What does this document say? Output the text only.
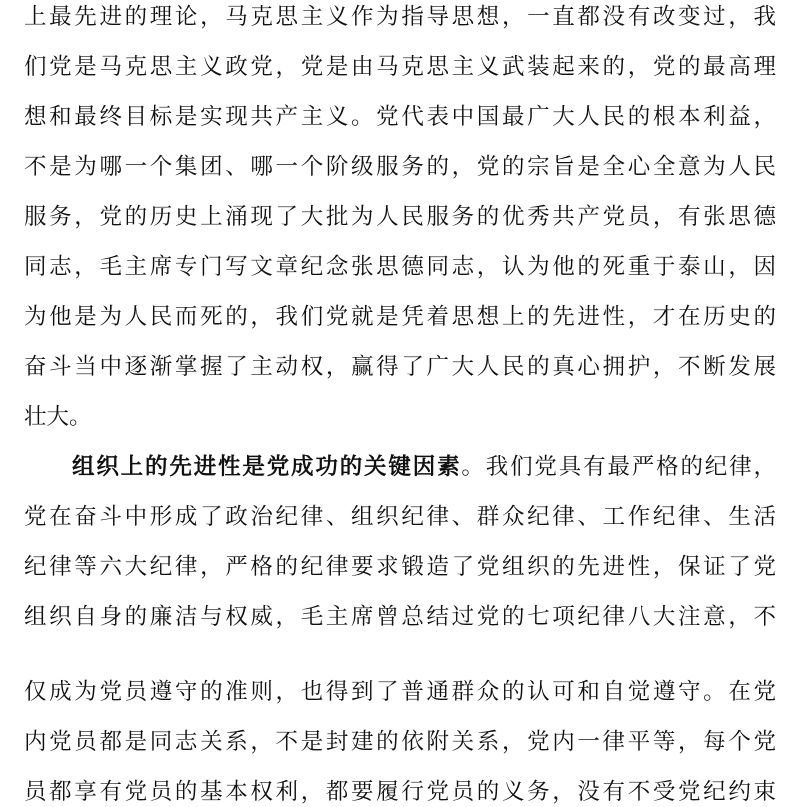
上最先进的理论，马克思主义作为指导思想，一直都没有改变过，我
们党是马克思主义政党，党是由马克思主义武装起来的，党的最高理
想和最终目标是实现共产主义。党代表中国最广大人民的根本利益，
不是为哪一个集团、哪一个阶级服务的，党的宗旨是全心全意为人民
服务，党的历史上涌现了大批为人民服务的优秀共产党员，有张思德
同志，毛主席专门写文章纪念张思德同志，认为他的死重于泰山，因
为他是为人民而死的，我们党就是凭着思想上的先进性，才在历史的
奋斗当中逐渐掌握了主动权，赢得了广大人民的真心拥护，不断发展
壮大。
组织上的先进性是党成功的关键因素。我们党具有最严格的纪律，
党在奋斗中形成了政治纪律、组织纪律、群众纪律、工作纪律、生活
纪律等六大纪律，严格的纪律要求锻造了党组织的先进性，保证了党
组织自身的廉洁与权威，毛主席曾总结过党的七项纪律八大注意，不
仅成为党员遵守的准则，也得到了普通群众的认可和自觉遵守。在党
内党员都是同志关系，不是封建的依附关系，党内一律平等，每个党
员都享有党员的基本权利，都要履行党员的义务，没有不受党纪约束
